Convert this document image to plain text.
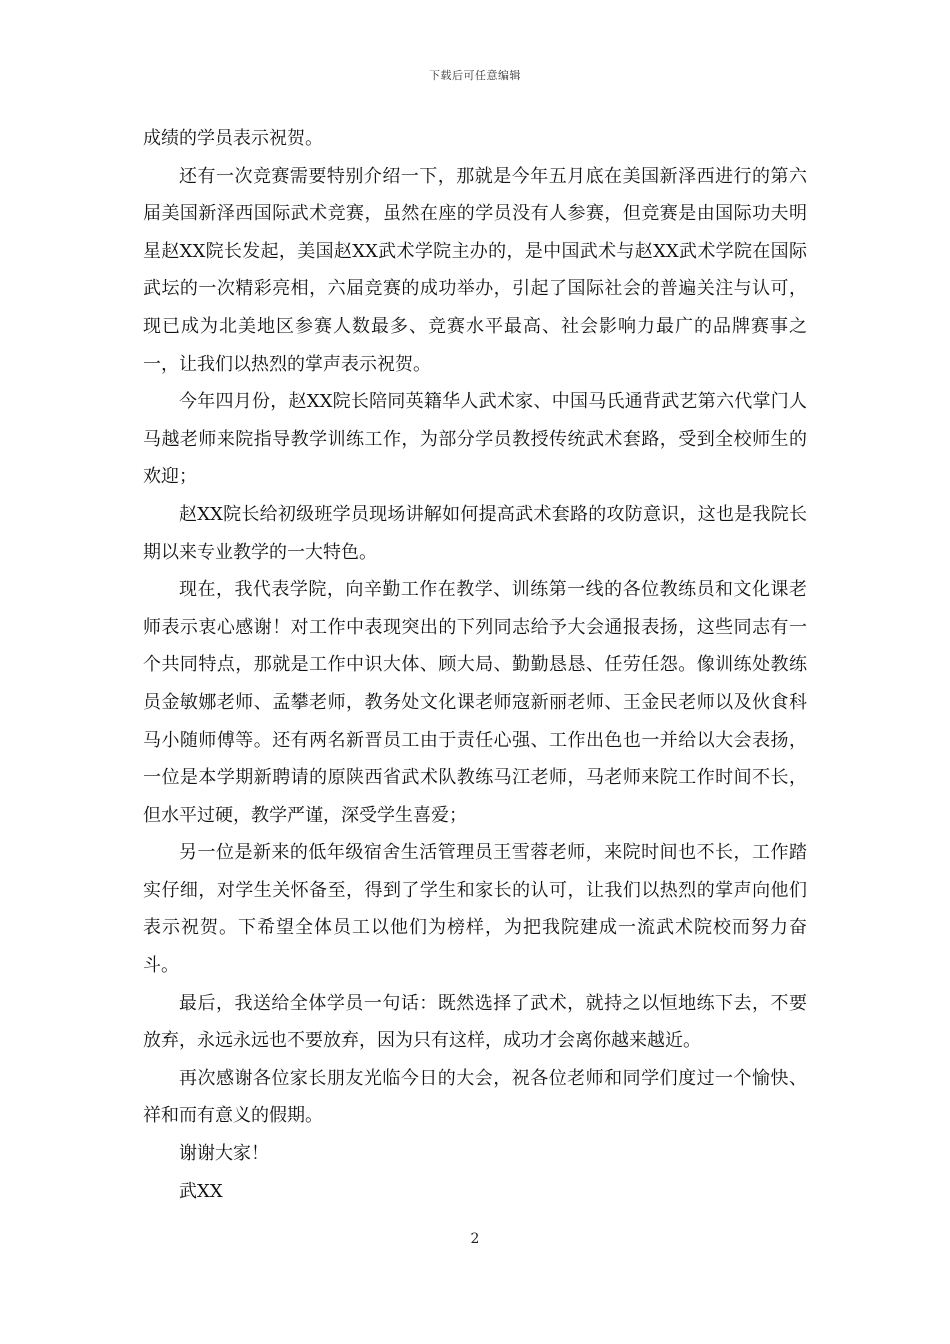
下载后可任意编辑

成绩的学员表示祝贺。

还有一次竞赛需要特别介绍一下，那就是今年五月底在美国新泽西进行的第六届美国新泽西国际武术竞赛，虽然在座的学员没有人参赛，但竞赛是由国际功夫明星赵XX院长发起，美国赵XX武术学院主办的，是中国武术与赵XX武术学院在国际武坛的一次精彩亮相，六届竞赛的成功举办，引起了国际社会的普遍关注与认可，现已成为北美地区参赛人数最多、竞赛水平最高、社会影响力最广的品牌赛事之一，让我们以热烈的掌声表示祝贺。

今年四月份，赵XX院长陪同英籍华人武术家、中国马氏通背武艺第六代掌门人马越老师来院指导教学训练工作，为部分学员教授传统武术套路，受到全校师生的欢迎；

赵XX院长给初级班学员现场讲解如何提高武术套路的攻防意识，这也是我院长期以来专业教学的一大特色。

现在，我代表学院，向辛勤工作在教学、训练第一线的各位教练员和文化课老师表示衷心感谢！对工作中表现突出的下列同志给予大会通报表扬，这些同志有一个共同特点，那就是工作中识大体、顾大局、勤勤恳恳、任劳任怨。像训练处教练员金敏娜老师、孟攀老师，教务处文化课老师寇新丽老师、王金民老师以及伙食科马小随师傅等。还有两名新晋员工由于责任心强、工作出色也一并给以大会表扬，一位是本学期新聘请的原陕西省武术队教练马江老师，马老师来院工作时间不长，但水平过硬，教学严谨，深受学生喜爱；

另一位是新来的低年级宿舍生活管理员王雪蓉老师，来院时间也不长，工作踏实仔细，对学生关怀备至，得到了学生和家长的认可，让我们以热烈的掌声向他们表示祝贺。下希望全体员工以他们为榜样，为把我院建成一流武术院校而努力奋斗。

最后，我送给全体学员一句话：既然选择了武术，就持之以恒地练下去，不要放弃，永远永远也不要放弃，因为只有这样，成功才会离你越来越近。

再次感谢各位家长朋友光临今日的大会，祝各位老师和同学们度过一个愉快、祥和而有意义的假期。

谢谢大家！

武XX

2
